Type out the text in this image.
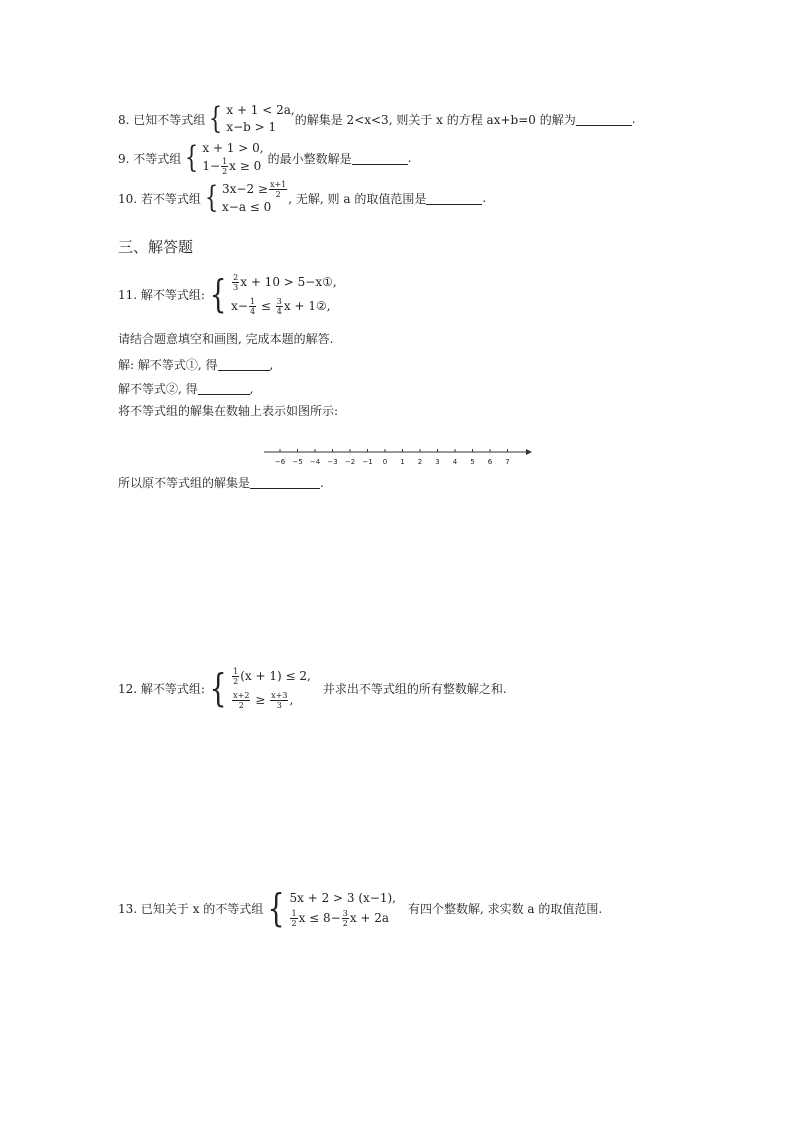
8. 已知不等式组 { x + 1 < 2a,
x−b > 1
的解集是 2<x<3, 则关于 x 的方程 ax+b=0 的解为	.
9. 不等式组 { x + 1 > 0,
$1- \frac{1}{2}$ x ≥ 0
的最小整数解是	.
10. 若不等式组 { $3x-2 \ge \frac{x+1}{2}$
x−a ≤ 0
, 无解, 则 a 的取值范围是	.
三、解答题
11. 解不等式组: { $\frac{2}{3}$ x + 10 > 5−x①,
$x- \frac{1}{4} \le \frac{3}{4}$ x + 1②,
请结合题意填空和画图, 完成本题的解答.
解: 解不等式①, 得	,
解不等式②, 得	,
将不等式组的解集在数轴上表示如图所示:
−6 −5 −4 −3 −2 −1 0 1 2 3 4 5 6 7
所以原不等式组的解集是	.
12. 解不等式组: { $\frac{1}{2} (x + 1) \le 2$,
$\frac{x+2}{2} \ge \frac{x+3}{3}$ ,
并求出不等式组的所有整数解之和.
13. 已知关于 x 的不等式组 { 5x + 2 > 3 (x−1),
$\frac{1}{2}$ $x \le 8- \frac{3}{2}$ x + 2a
有四个整数解, 求实数 a 的取值范围.
